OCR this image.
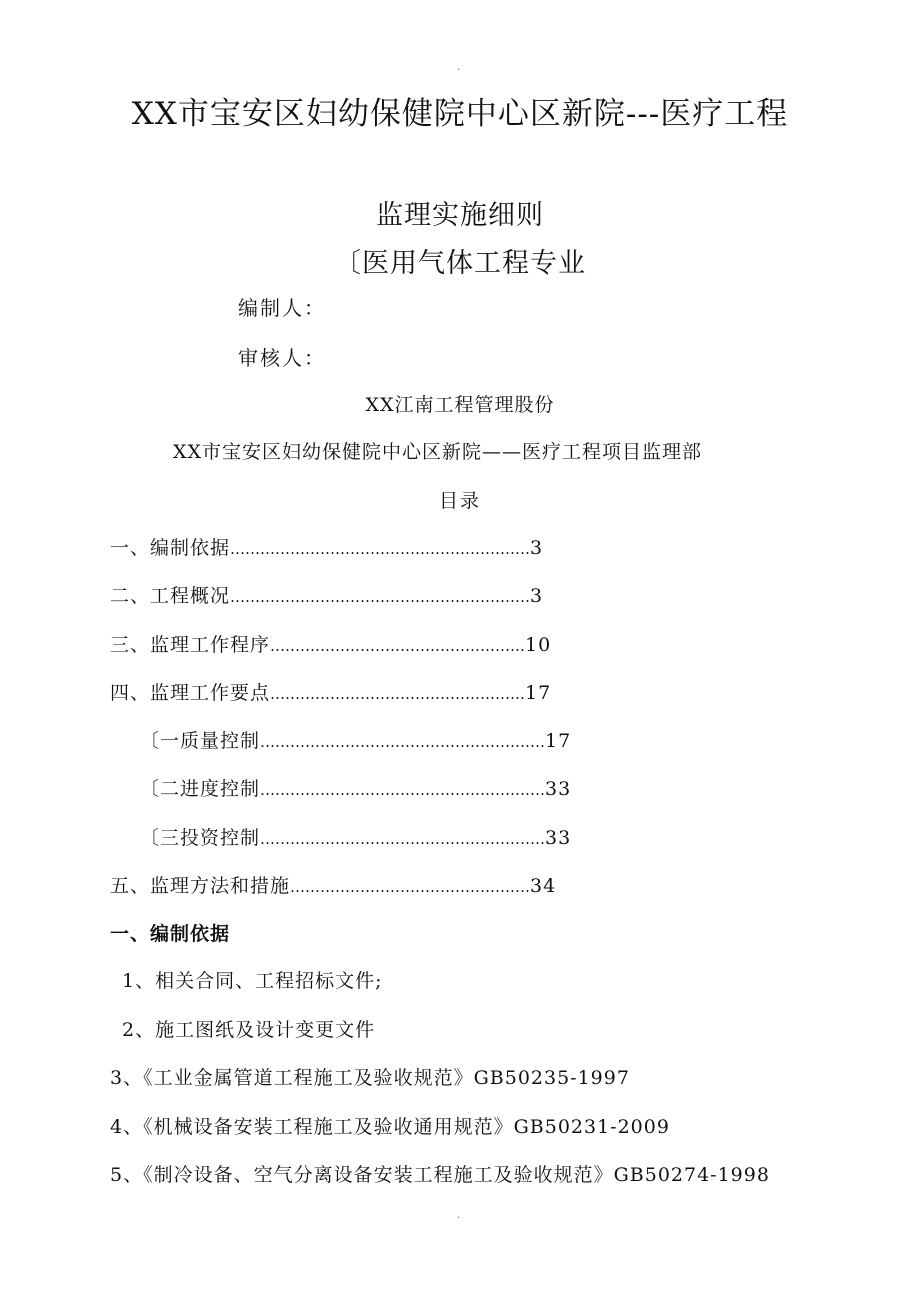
.
XX市宝安区妇幼保健院中心区新院---医疗工程
监理实施细则
〔医用气体工程专业
编制人：
审核人：
XX江南工程管理股份
XX市宝安区妇幼保健院中心区新院——医疗工程项目监理部
目录
一、编制依据 …………………………………………………… 3
二、工程概况 …………………………………………………… 3
三、监理工作程序 …………………………………………… 10
四、监理工作要点 …………………………………………… 17
〔一质量控制 ………………………………………………… 17
〔二进度控制 ………………………………………………… 33
〔三投资控制 ………………………………………………… 33
五、监理方法和措施 ………………………………………… 34
一、编制依据
1、相关合同、工程招标文件;
2、施工图纸及设计变更文件
3、《工业金属管道工程施工及验收规范》GB50235-1997
4、《机械设备安装工程施工及验收通用规范》GB50231-2009
5、《制冷设备、空气分离设备安装工程施工及验收规范》GB50274-1998
.
